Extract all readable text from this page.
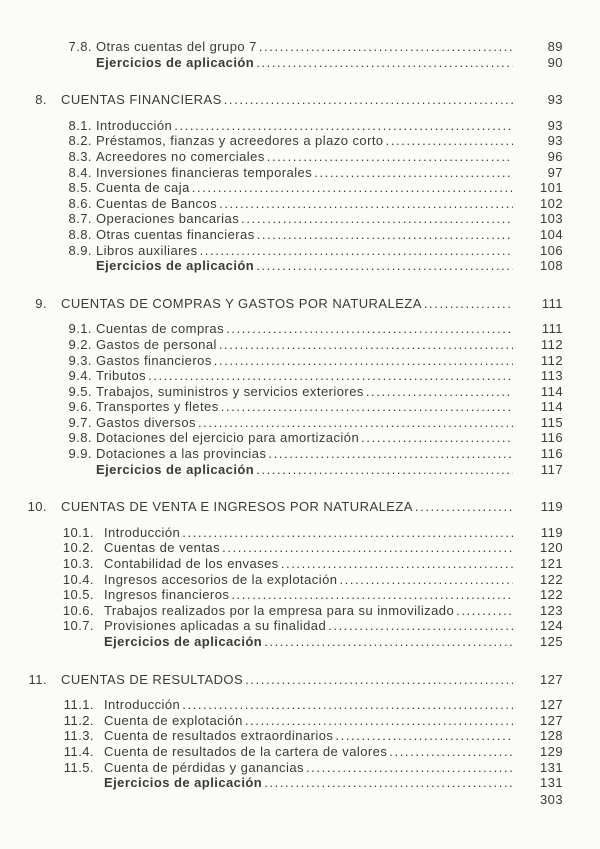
7.8. Otras cuentas del grupo 7 .....	89
Ejercicios de aplicación .....	90
8. CUENTAS FINANCIERAS .....	93
8.1. Introducción .....	93
8.2. Préstamos, fianzas y acreedores a plazo corto .....	93
8.3. Acreedores no comerciales .....	96
8.4. Inversiones financieras temporales .....	97
8.5. Cuenta de caja .....	101
8.6. Cuentas de Bancos .....	102
8.7. Operaciones bancarias .....	103
8.8. Otras cuentas financieras .....	104
8.9. Libros auxiliares .....	106
Ejercicios de aplicación .....	108
9. CUENTAS DE COMPRAS Y GASTOS POR NATURALEZA .....	111
9.1. Cuentas de compras .....	111
9.2. Gastos de personal .....	112
9.3. Gastos financieros .....	112
9.4. Tributos .....	113
9.5. Trabajos, suministros y servicios exteriores .....	114
9.6. Transportes y fletes .....	114
9.7. Gastos diversos .....	115
9.8. Dotaciones del ejercicio para amortización .....	116
9.9. Dotaciones a las provincias .....	116
Ejercicios de aplicación .....	117
10. CUENTAS DE VENTA E INGRESOS POR NATURALEZA .....	119
10.1. Introducción .....	119
10.2. Cuentas de ventas .....	120
10.3. Contabilidad de los envases .....	121
10.4. Ingresos accesorios de la explotación .....	122
10.5. Ingresos financieros .....	122
10.6. Trabajos realizados por la empresa para su inmovilizado .....	123
10.7. Provisiones aplicadas a su finalidad .....	124
Ejercicios de aplicación .....	125
11. CUENTAS DE RESULTADOS .....	127
11.1. Introducción .....	127
11.2. Cuenta de explotación .....	127
11.3. Cuenta de resultados extraordinarios .....	128
11.4. Cuenta de resultados de la cartera de valores .....	129
11.5. Cuenta de pérdidas y ganancias .....	131
Ejercicios de aplicación .....	131
303
